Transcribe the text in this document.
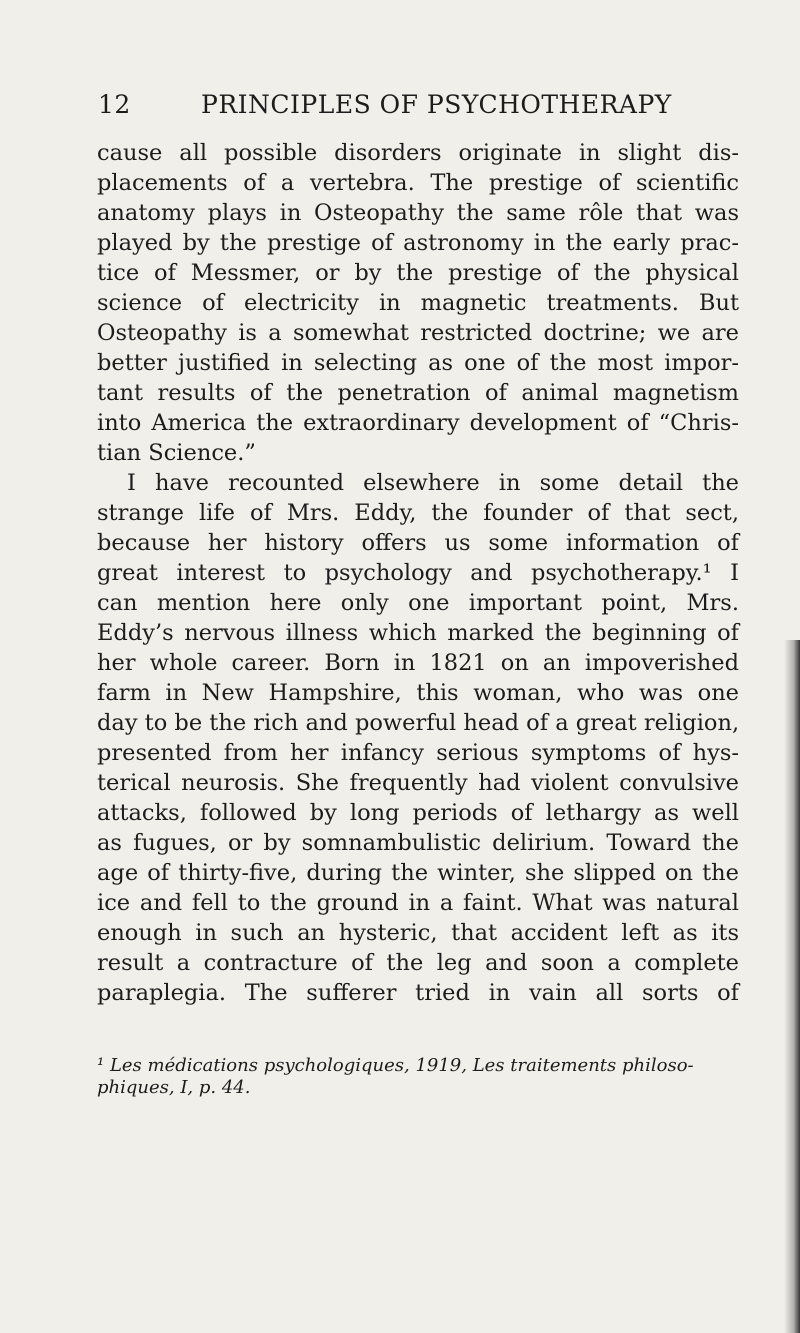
12	PRINCIPLES OF PSYCHOTHERAPY
cause all possible disorders originate in slight dis-
placements of a vertebra. The prestige of scientific
anatomy plays in Osteopathy the same rôle that was
played by the prestige of astronomy in the early prac-
tice of Messmer, or by the prestige of the physical
science of electricity in magnetic treatments. But
Osteopathy is a somewhat restricted doctrine; we are
better justified in selecting as one of the most impor-
tant results of the penetration of animal magnetism
into America the extraordinary development of “Chris-
tian Science.”
I have recounted elsewhere in some detail the
strange life of Mrs. Eddy, the founder of that sect,
because her history offers us some information of
great interest to psychology and psychotherapy.¹ I
can mention here only one important point, Mrs.
Eddy’s nervous illness which marked the beginning of
her whole career. Born in 1821 on an impoverished
farm in New Hampshire, this woman, who was one
day to be the rich and powerful head of a great religion,
presented from her infancy serious symptoms of hys-
terical neurosis. She frequently had violent convulsive
attacks, followed by long periods of lethargy as well
as fugues, or by somnambulistic delirium. Toward the
age of thirty-five, during the winter, she slipped on the
ice and fell to the ground in a faint. What was natural
enough in such an hysteric, that accident left as its
result a contracture of the leg and soon a complete
paraplegia. The sufferer tried in vain all sorts of
¹ Les médications psychologiques, 1919, Les traitements philoso-
phiques, I, p. 44.
